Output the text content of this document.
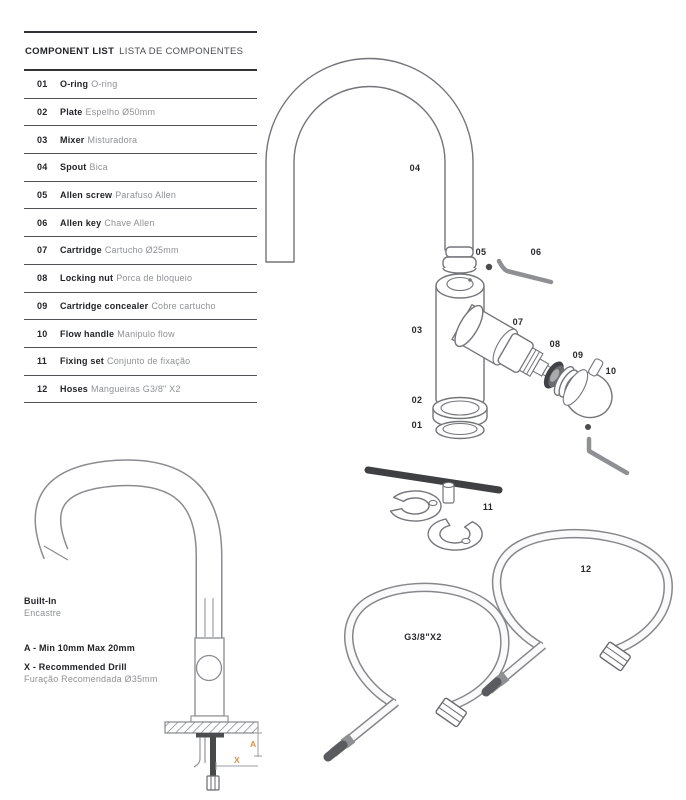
COMPONENT LIST LISTA DE COMPONENTES
01	O-ring O-ring
02	Plate Espelho Ø50mm
03	Mixer Misturadora
04	Spout Bica
05	Allen screw Parafuso Allen
06	Allen key Chave Allen
07	Cartridge Cartucho Ø25mm
08	Locking nut Porca de bloqueio
09	Cartridge concealer Cobre cartucho
10	Flow handle Manipulo flow
11	Fixing set Conjunto de fixação
12	Hoses Mangueiras G3/8" X2
04
05	06
03
07
08
09
10
02
01
11
12
G3/8"X2
Built-In
Encastre
A - Min 10mm Max 20mm
X - Recommended Drill
Furação Recomendada Ø35mm
A
X
